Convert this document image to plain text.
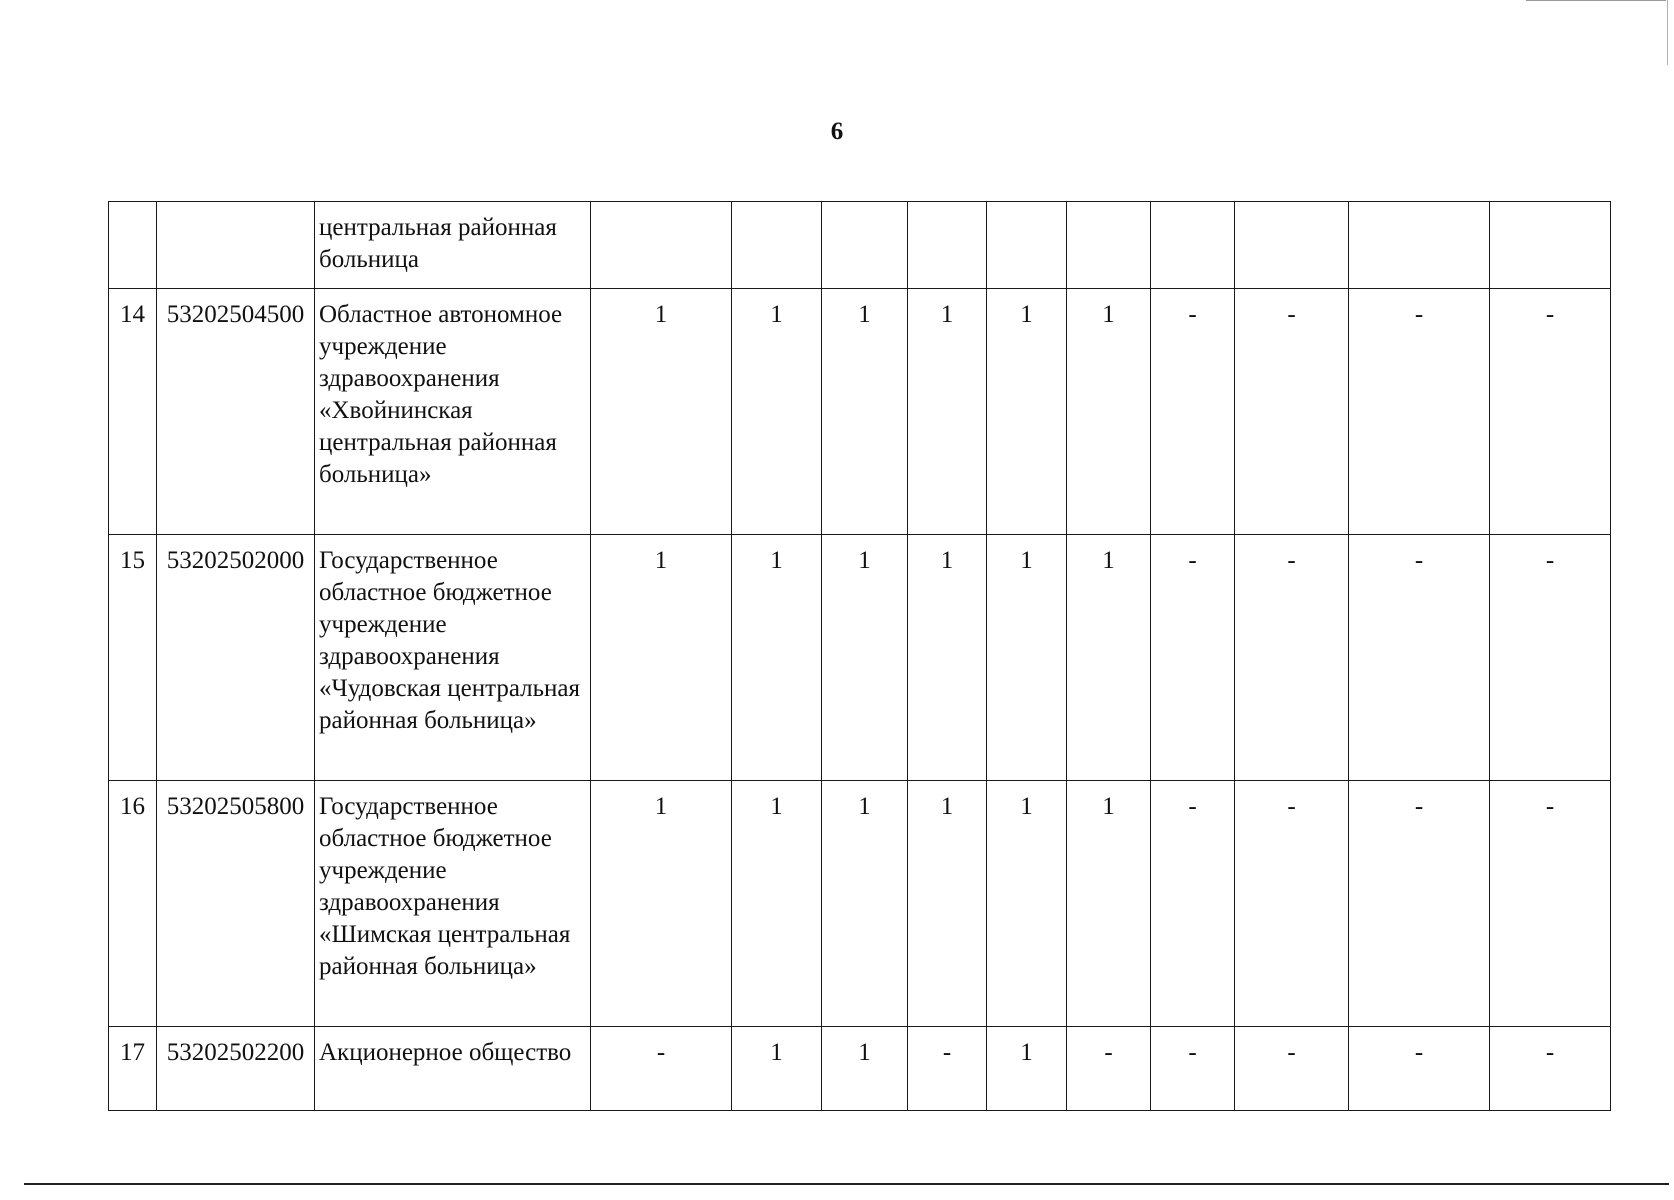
6
		центральная районная больница										
14	53202504500	Областное автономное учреждение здравоохранения «Хвойнинская центральная районная больница»	1	1	1	1	1	1	-	-	-	-
15	53202502000	Государственное областное бюджетное учреждение здравоохранения «Чудовская центральная районная больница»	1	1	1	1	1	1	-	-	-	-
16	53202505800	Государственное областное бюджетное учреждение здравоохранения «Шимская центральная районная больница»	1	1	1	1	1	1	-	-	-	-
17	53202502200	Акционерное общество	-	1	1	-	1	-	-	-	-	-
